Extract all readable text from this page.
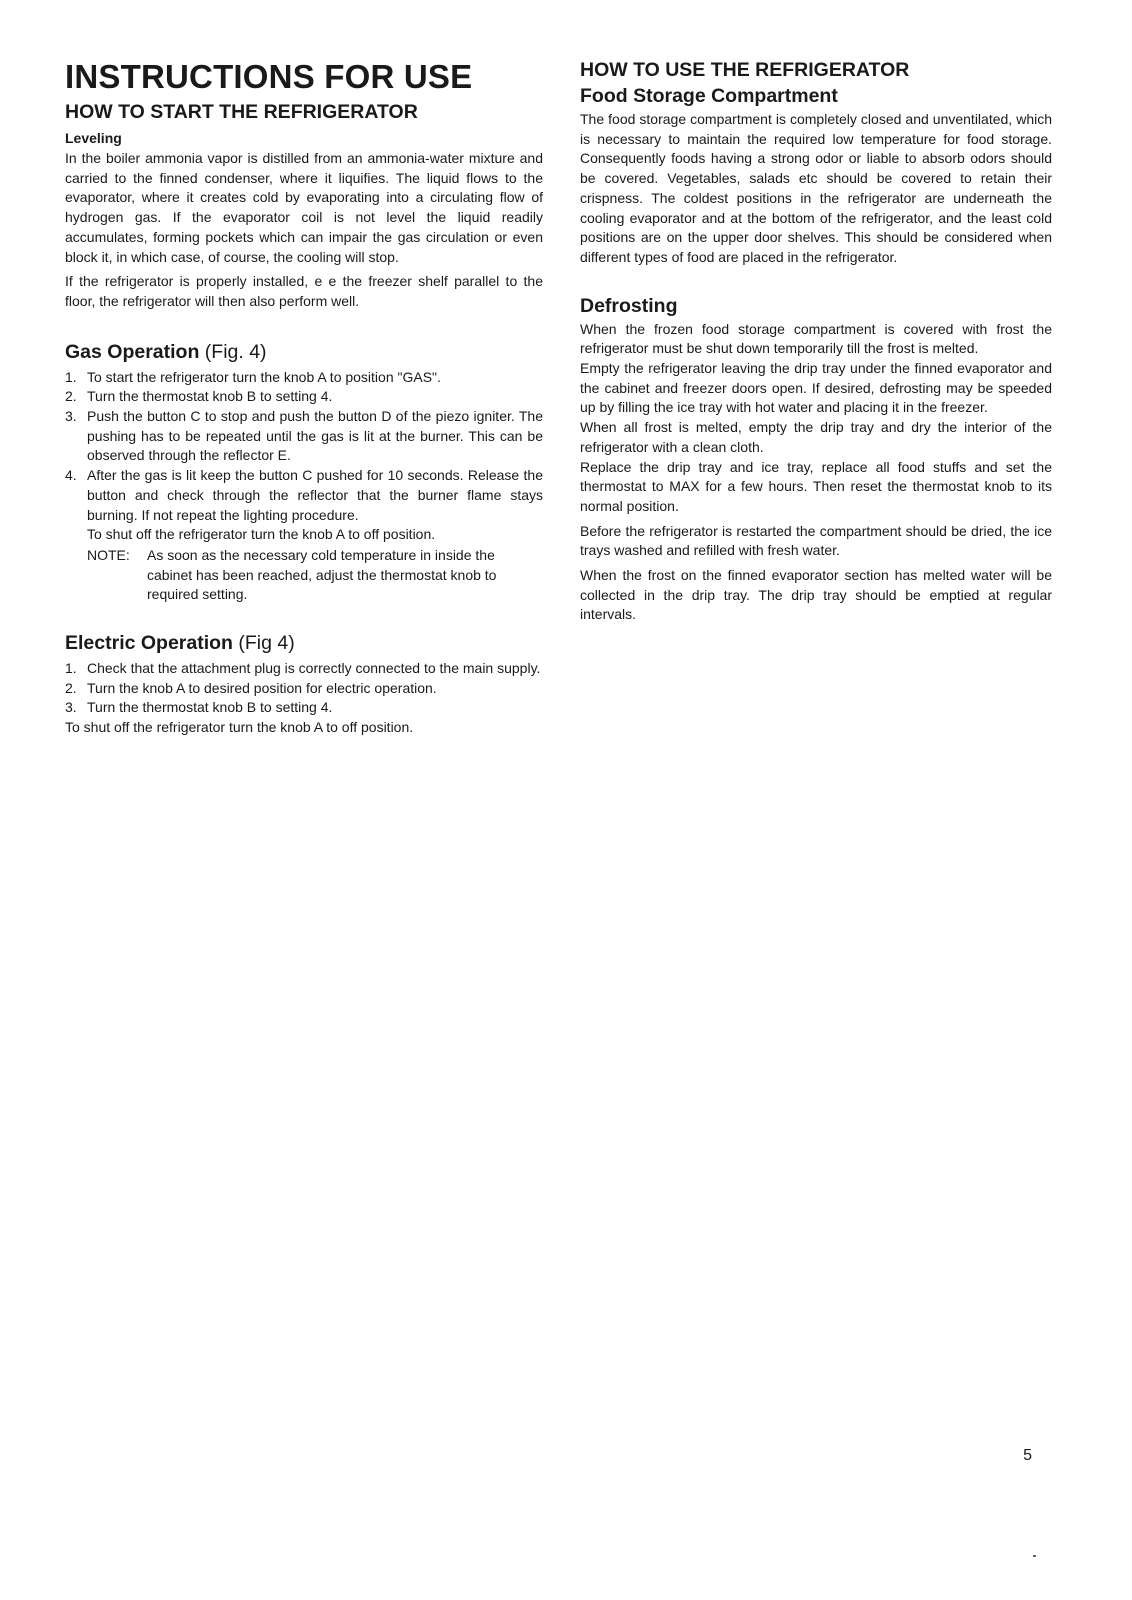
INSTRUCTIONS FOR USE
HOW TO START THE REFRIGERATOR
Leveling

In the boiler ammonia vapor is distilled from an ammonia-water mixture and carried to the finned condenser, where it liquifies. The liquid flows to the evaporator, where it creates cold by evaporating into a circulating flow of hydrogen gas. If the evaporator coil is not level the liquid readily accumulates, forming pockets which can impair the gas circulation or even block it, in which case, of course, the cooling will stop.

If the refrigerator is properly installed, e e the freezer shelf parallel to the floor, the refrigerator will then also perform well.

Gas Operation (Fig. 4)
1. To start the refrigerator turn the knob A to position "GAS".
2. Turn the thermostat knob B to setting 4.
3. Push the button C to stop and push the button D of the piezo igniter. The pushing has to be repeated until the gas is lit at the burner. This can be observed through the reflector E.
4. After the gas is lit keep the button C pushed for 10 seconds. Release the button and check through the reflector that the burner flame stays burning. If not repeat the lighting procedure.
To shut off the refrigerator turn the knob A to off position.
NOTE:	As soon as the necessary cold temperature in inside the cabinet has been reached, adjust the thermostat knob to required setting.
Electric Operation (Fig 4)
1. Check that the attachment plug is correctly connected to the main supply.
2. Turn the knob A to desired position for electric operation.
3. Turn the thermostat knob B to setting 4.

To shut off the refrigerator turn the knob A to off position.

HOW TO USE THE REFRIGERATOR
Food Storage Compartment

The food storage compartment is completely closed and unventilated, which is necessary to maintain the required low temperature for food storage. Consequently foods having a strong odor or liable to absorb odors should be covered. Vegetables, salads etc should be covered to retain their crispness. The coldest positions in the refrigerator are underneath the cooling evaporator and at the bottom of the refrigerator, and the least cold positions are on the upper door shelves. This should be considered when different types of food are placed in the refrigerator.

Defrosting

When the frozen food storage compartment is covered with frost the refrigerator must be shut down temporarily till the frost is melted.

Empty the refrigerator leaving the drip tray under the finned evaporator and the cabinet and freezer doors open. If desired, defrosting may be speeded up by filling the ice tray with hot water and placing it in the freezer.

When all frost is melted, empty the drip tray and dry the interior of the refrigerator with a clean cloth.

Replace the drip tray and ice tray, replace all food stuffs and set the thermostat to MAX for a few hours. Then reset the thermostat knob to its normal position.

Before the refrigerator is restarted the compartment should be dried, the ice trays washed and refilled with fresh water.

When the frost on the finned evaporator section has melted water will be collected in the drip tray. The drip tray should be emptied at regular intervals.

5
